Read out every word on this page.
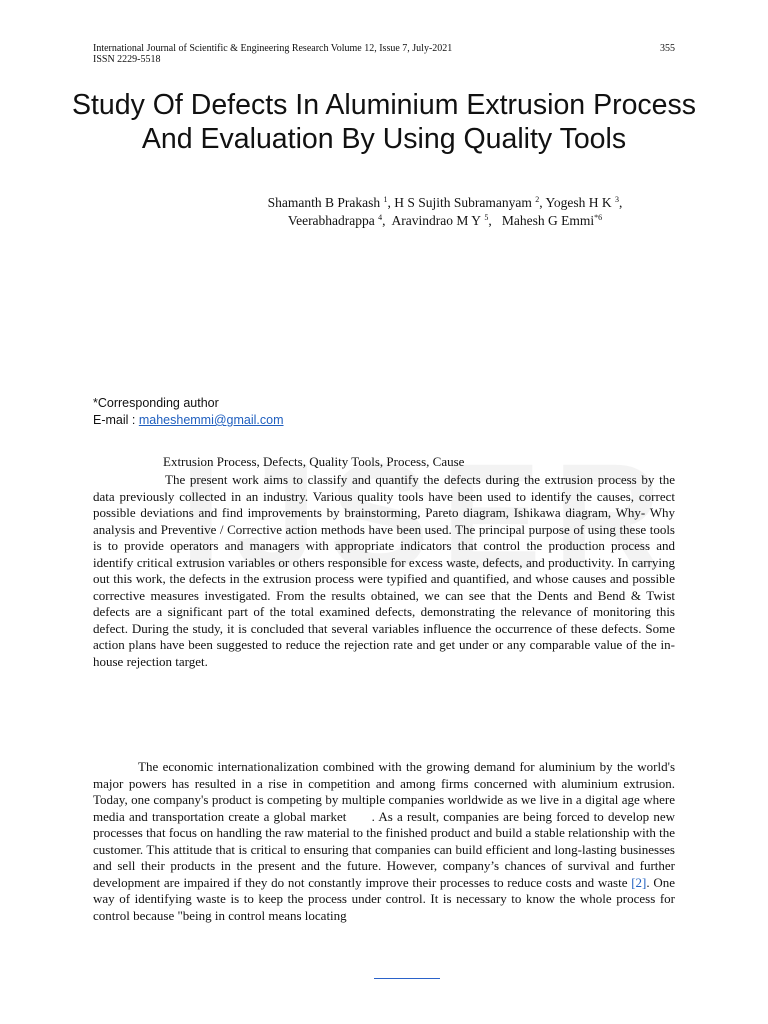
International Journal of Scientific & Engineering Research Volume 12, Issue 7, July-2021
ISSN 2229-5518
355
Study Of Defects In Aluminium Extrusion Process And Evaluation By Using Quality Tools
Shamanth B Prakash $^1$, H S Sujith Subramanyam $^2$, Yogesh H K $^3$,
Veerabhadrappa $^4$,  Aravindrao M Y $^5$,   Mahesh G Emmi$^{*6}$
*Corresponding author
E-mail : maheshemmi@gmail.com
Extrusion Process, Defects, Quality Tools, Process, Cause

The present work aims to classify and quantify the defects during the extrusion process by the data previously collected in an industry. Various quality tools have been used to identify the causes, correct possible deviations and find improvements by brainstorming, Pareto diagram, Ishikawa diagram, Why- Why analysis and Preventive / Corrective action methods have been used. The principal purpose of using these tools is to provide operators and managers with appropriate indicators that control the production process and identify critical extrusion variables or others responsible for excess waste, defects, and productivity. In carrying out this work, the defects in the extrusion process were typified and quantified, and whose causes and possible corrective measures investigated. From the results obtained, we can see that the Dents and Bend & Twist defects are a significant part of the total examined defects, demonstrating the relevance of monitoring this defect. During the study, it is concluded that several variables influence the occurrence of these defects. Some action plans have been suggested to reduce the rejection rate and get under or any comparable value of the in-house rejection target.

The economic internationalization combined with the growing demand for aluminium by the world's major powers has resulted in a rise in competition and among firms concerned with aluminium extrusion. Today, one company's product is competing by multiple companies worldwide as we live in a digital age where media and transportation create a global market . As a result, companies are being forced to develop new processes that focus on handling the raw material to the finished product and build a stable relationship with the customer. This attitude that is critical to ensuring that companies can build efficient and long-lasting businesses and sell their products in the present and the future. However, company’s chances of survival and further development are impaired if they do not constantly improve their processes to reduce costs and waste [2]. One way of identifying waste is to keep the process under control. It is necessary to know the whole process for control because "being in control means locating
